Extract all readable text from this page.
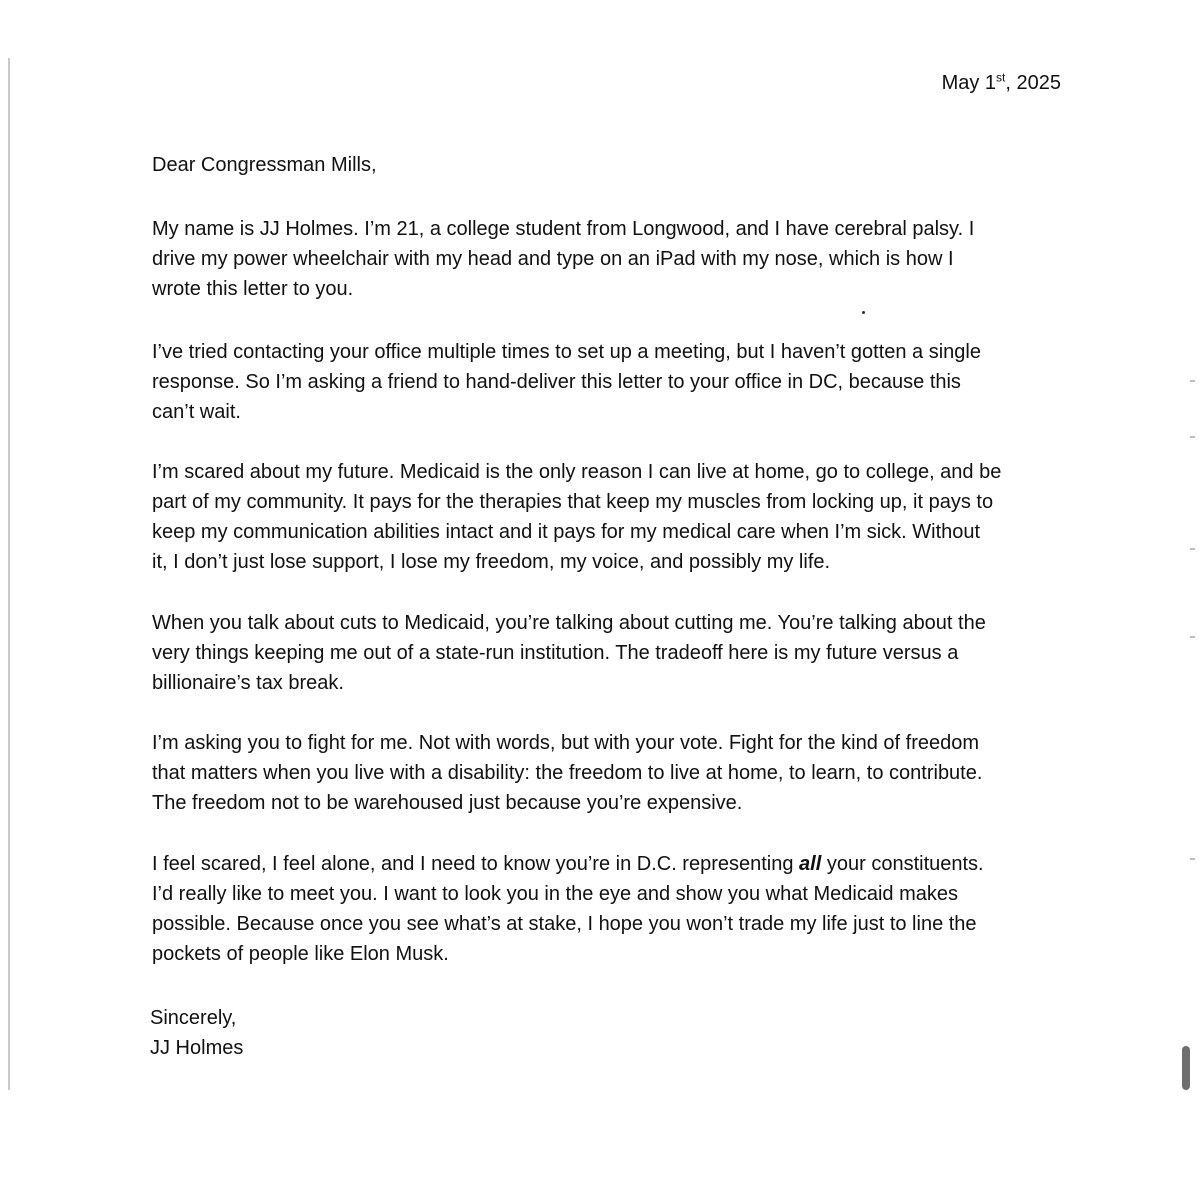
May 1st, 2025

Dear Congressman Mills,

My name is JJ Holmes. I’m 21, a college student from Longwood, and I have cerebral palsy. I
drive my power wheelchair with my head and type on an iPad with my nose, which is how I
wrote this letter to you.

I’ve tried contacting your office multiple times to set up a meeting, but I haven’t gotten a single
response. So I’m asking a friend to hand-deliver this letter to your office in DC, because this
can’t wait.

I’m scared about my future. Medicaid is the only reason I can live at home, go to college, and be
part of my community. It pays for the therapies that keep my muscles from locking up, it pays to
keep my communication abilities intact and it pays for my medical care when I’m sick. Without
it, I don’t just lose support, I lose my freedom, my voice, and possibly my life.

When you talk about cuts to Medicaid, you’re talking about cutting me. You’re talking about the
very things keeping me out of a state-run institution. The tradeoff here is my future versus a
billionaire’s tax break.

I’m asking you to fight for me. Not with words, but with your vote. Fight for the kind of freedom
that matters when you live with a disability: the freedom to live at home, to learn, to contribute.
The freedom not to be warehoused just because you’re expensive.

I feel scared, I feel alone, and I need to know you’re in D.C. representing all your constituents.
I’d really like to meet you. I want to look you in the eye and show you what Medicaid makes
possible. Because once you see what’s at stake, I hope you won’t trade my life just to line the
pockets of people like Elon Musk.

Sincerely,
JJ Holmes
